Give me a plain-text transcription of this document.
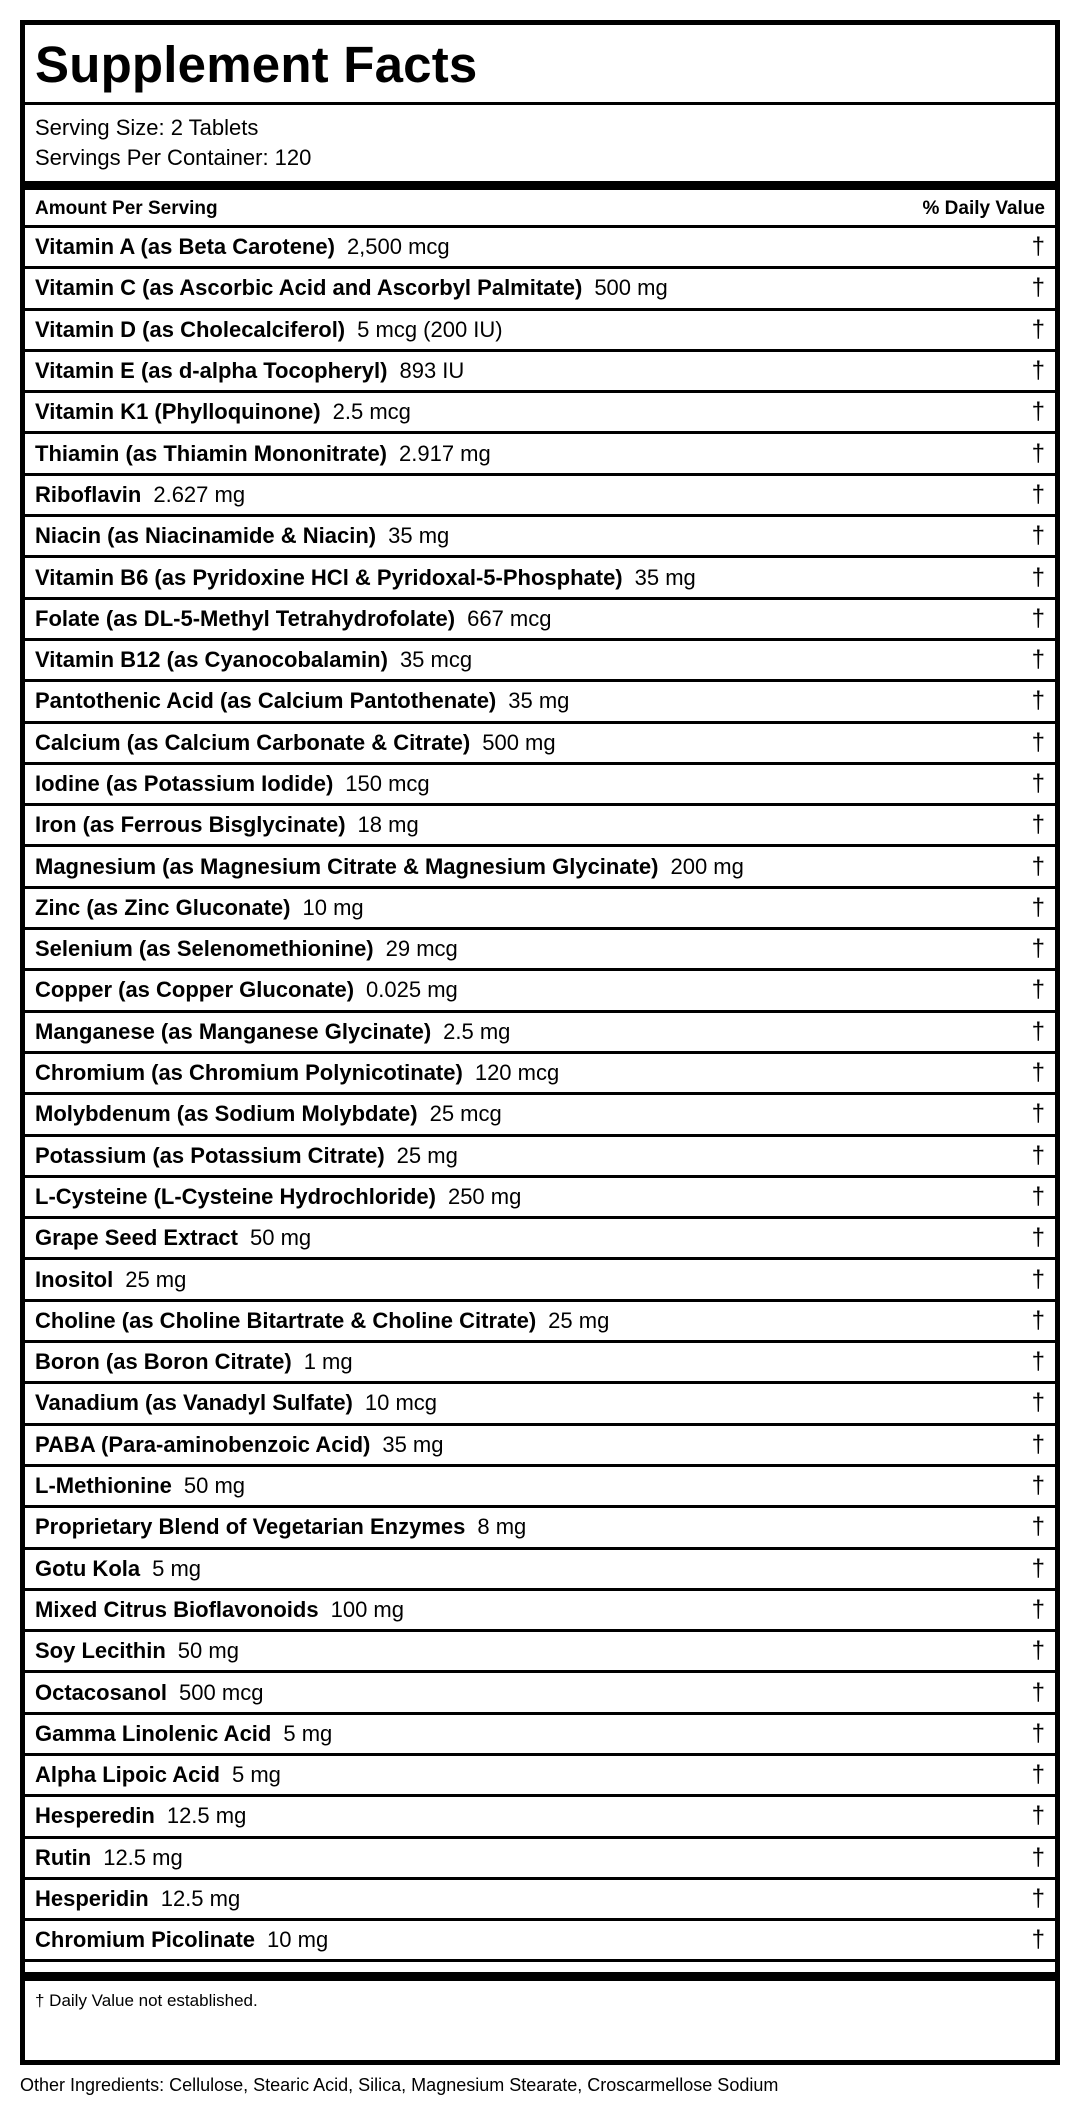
Supplement Facts
Serving Size: 2 Tablets
Servings Per Container: 120
Amount Per Serving	% Daily Value
Vitamin A (as Beta Carotene) 2,500 mcg	†
Vitamin C (as Ascorbic Acid and Ascorbyl Palmitate) 500 mg	†
Vitamin D (as Cholecalciferol) 5 mcg (200 IU)	†
Vitamin E (as d-alpha Tocopheryl) 893 IU	†
Vitamin K1 (Phylloquinone) 2.5 mcg	†
Thiamin (as Thiamin Mononitrate) 2.917 mg	†
Riboflavin 2.627 mg	†
Niacin (as Niacinamide & Niacin) 35 mg	†
Vitamin B6 (as Pyridoxine HCl & Pyridoxal-5-Phosphate) 35 mg	†
Folate (as DL-5-Methyl Tetrahydrofolate) 667 mcg	†
Vitamin B12 (as Cyanocobalamin) 35 mcg	†
Pantothenic Acid (as Calcium Pantothenate) 35 mg	†
Calcium (as Calcium Carbonate & Citrate) 500 mg	†
Iodine (as Potassium Iodide) 150 mcg	†
Iron (as Ferrous Bisglycinate) 18 mg	†
Magnesium (as Magnesium Citrate & Magnesium Glycinate) 200 mg	†
Zinc (as Zinc Gluconate) 10 mg	†
Selenium (as Selenomethionine) 29 mcg	†
Copper (as Copper Gluconate) 0.025 mg	†
Manganese (as Manganese Glycinate) 2.5 mg	†
Chromium (as Chromium Polynicotinate) 120 mcg	†
Molybdenum (as Sodium Molybdate) 25 mcg	†
Potassium (as Potassium Citrate) 25 mg	†
L-Cysteine (L-Cysteine Hydrochloride) 250 mg	†
Grape Seed Extract 50 mg	†
Inositol 25 mg	†
Choline (as Choline Bitartrate & Choline Citrate) 25 mg	†
Boron (as Boron Citrate) 1 mg	†
Vanadium (as Vanadyl Sulfate) 10 mcg	†
PABA (Para-aminobenzoic Acid) 35 mg	†
L-Methionine 50 mg	†
Proprietary Blend of Vegetarian Enzymes 8 mg	†
Gotu Kola 5 mg	†
Mixed Citrus Bioflavonoids 100 mg	†
Soy Lecithin 50 mg	†
Octacosanol 500 mcg	†
Gamma Linolenic Acid 5 mg	†
Alpha Lipoic Acid 5 mg	†
Hesperedin 12.5 mg	†
Rutin 12.5 mg	†
Hesperidin 12.5 mg	†
Chromium Picolinate 10 mg	†
† Daily Value not established.
Other Ingredients: Cellulose, Stearic Acid, Silica, Magnesium Stearate, Croscarmellose Sodium
